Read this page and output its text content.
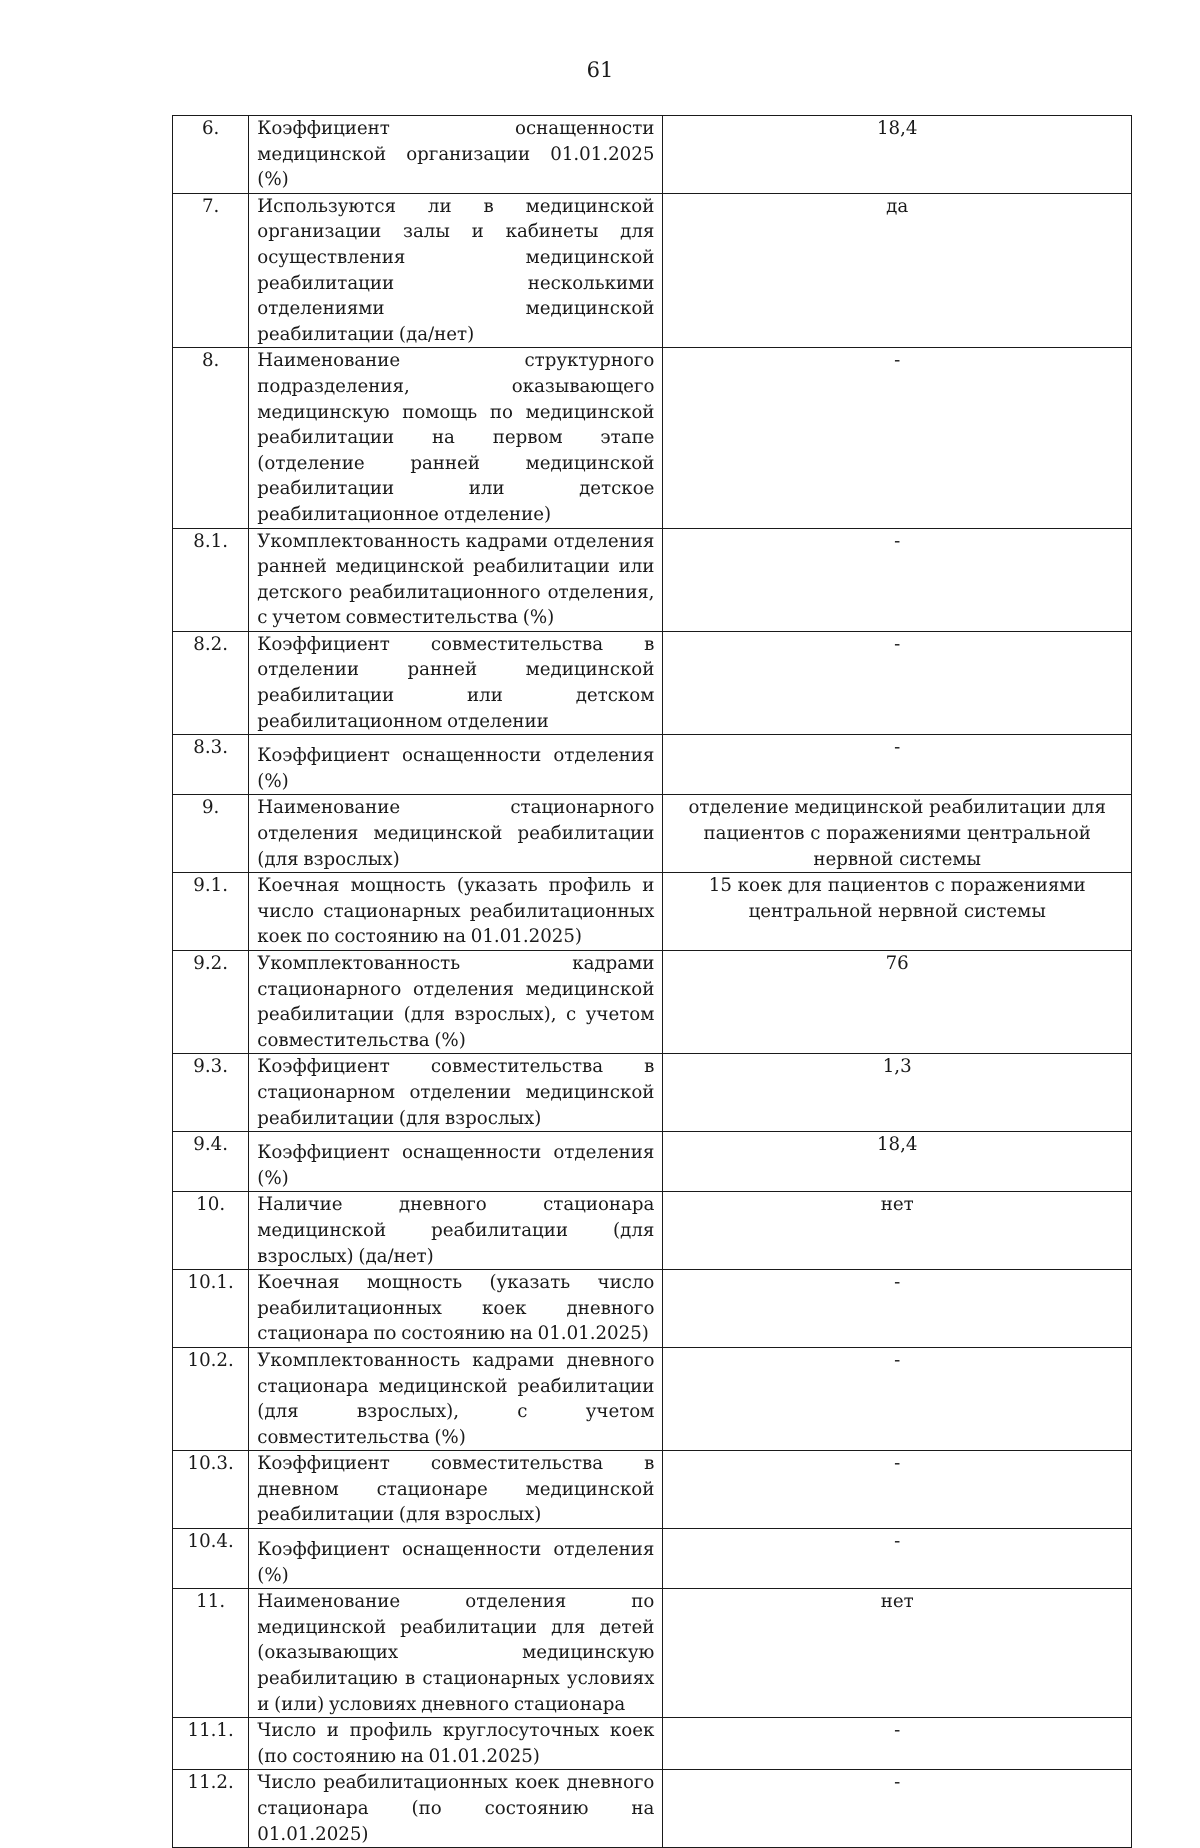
61
6.	Коэффициент оснащенности медицинской организации 01.01.2025 (%)	18,4
7.	Используются ли в медицинской организации залы и кабинеты для осуществления медицинской реабилитации несколькими отделениями медицинской реабилитации (да/нет)	да
8.	Наименование структурного подразделения, оказывающего медицинскую помощь по медицинской реабилитации на первом этапе (отделение ранней медицинской реабилитации или детское реабилитационное отделение)	-
8.1.	Укомплектованность кадрами отделения ранней медицинской реабилитации или детского реабилитационного отделения, с учетом совместительства (%)	-
8.2.	Коэффициент совместительства в отделении ранней медицинской реабилитации или детском реабилитационном отделении	-
8.3.	Коэффициент оснащенности отделения (%)	-
9.	Наименование стационарного отделения медицинской реабилитации (для взрослых)	отделение медицинской реабилитации для пациентов с поражениями центральной нервной системы
9.1.	Коечная мощность (указать профиль и число стационарных реабилитационных коек по состоянию на 01.01.2025)	15 коек для пациентов с поражениями центральной нервной системы
9.2.	Укомплектованность кадрами стационарного отделения медицинской реабилитации (для взрослых), с учетом совместительства (%)	76
9.3.	Коэффициент совместительства в стационарном отделении медицинской реабилитации (для взрослых)	1,3
9.4.	Коэффициент оснащенности отделения (%)	18,4
10.	Наличие дневного стационара медицинской реабилитации (для взрослых) (да/нет)	нет
10.1.	Коечная мощность (указать число реабилитационных коек дневного стационара по состоянию на 01.01.2025)	-
10.2.	Укомплектованность кадрами дневного стационара медицинской реабилитации (для взрослых), с учетом совместительства (%)	-
10.3.	Коэффициент совместительства в дневном стационаре медицинской реабилитации (для взрослых)	-
10.4.	Коэффициент оснащенности отделения (%)	-
11.	Наименование отделения по медицинской реабилитации для детей (оказывающих медицинскую реабилитацию в стационарных условиях и (или) условиях дневного стационара	нет
11.1.	Число и профиль круглосуточных коек (по состоянию на 01.01.2025)	-
11.2.	Число реабилитационных коек дневного стационара (по состоянию на 01.01.2025)	-
